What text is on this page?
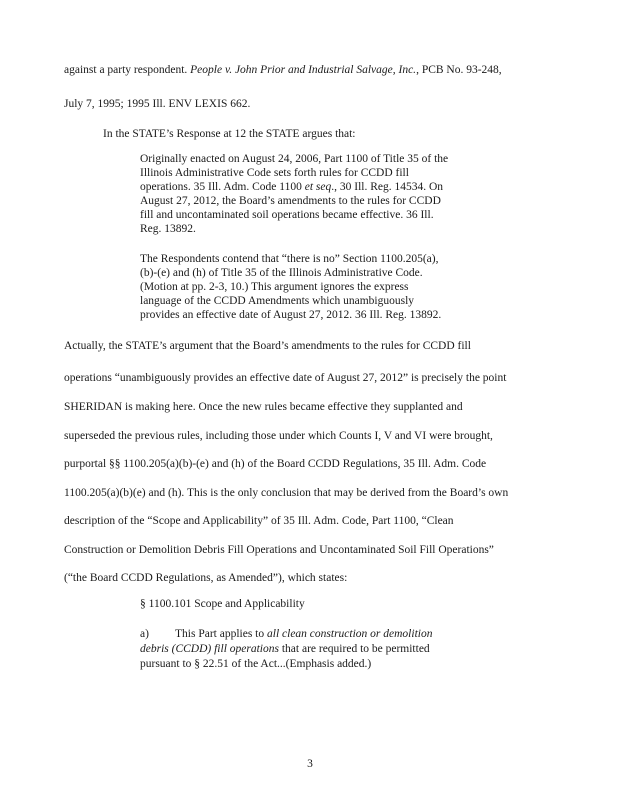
against a party respondent. People v. John Prior and Industrial Salvage, Inc., PCB No. 93-248,
July 7, 1995; 1995 Ill. ENV LEXIS 662.
In the STATE’s Response at 12 the STATE argues that:
Originally enacted on August 24, 2006, Part 1100 of Title 35 of the
Illinois Administrative Code sets forth rules for CCDD fill
operations. 35 Ill. Adm. Code 1100 et seq., 30 Ill. Reg. 14534. On
August 27, 2012, the Board’s amendments to the rules for CCDD
fill and uncontaminated soil operations became effective. 36 Ill.
Reg. 13892.
The Respondents contend that “there is no” Section 1100.205(a),
(b)-(e) and (h) of Title 35 of the Illinois Administrative Code.
(Motion at pp. 2-3, 10.) This argument ignores the express
language of the CCDD Amendments which unambiguously
provides an effective date of August 27, 2012. 36 Ill. Reg. 13892.
Actually, the STATE’s argument that the Board’s amendments to the rules for CCDD fill
operations “unambiguously provides an effective date of August 27, 2012” is precisely the point
SHERIDAN is making here. Once the new rules became effective they supplanted and
superseded the previous rules, including those under which Counts I, V and VI were brought,
purportal §§ 1100.205(a)(b)-(e) and (h) of the Board CCDD Regulations, 35 Ill. Adm. Code
1100.205(a)(b)(e) and (h). This is the only conclusion that may be derived from the Board’s own
description of the “Scope and Applicability” of 35 Ill. Adm. Code, Part 1100, “Clean
Construction or Demolition Debris Fill Operations and Uncontaminated Soil Fill Operations”
(“the Board CCDD Regulations, as Amended”), which states:
§ 1100.101 Scope and Applicability
a) This Part applies to all clean construction or demolition
debris (CCDD) fill operations that are required to be permitted
pursuant to § 22.51 of the Act...(Emphasis added.)
3
